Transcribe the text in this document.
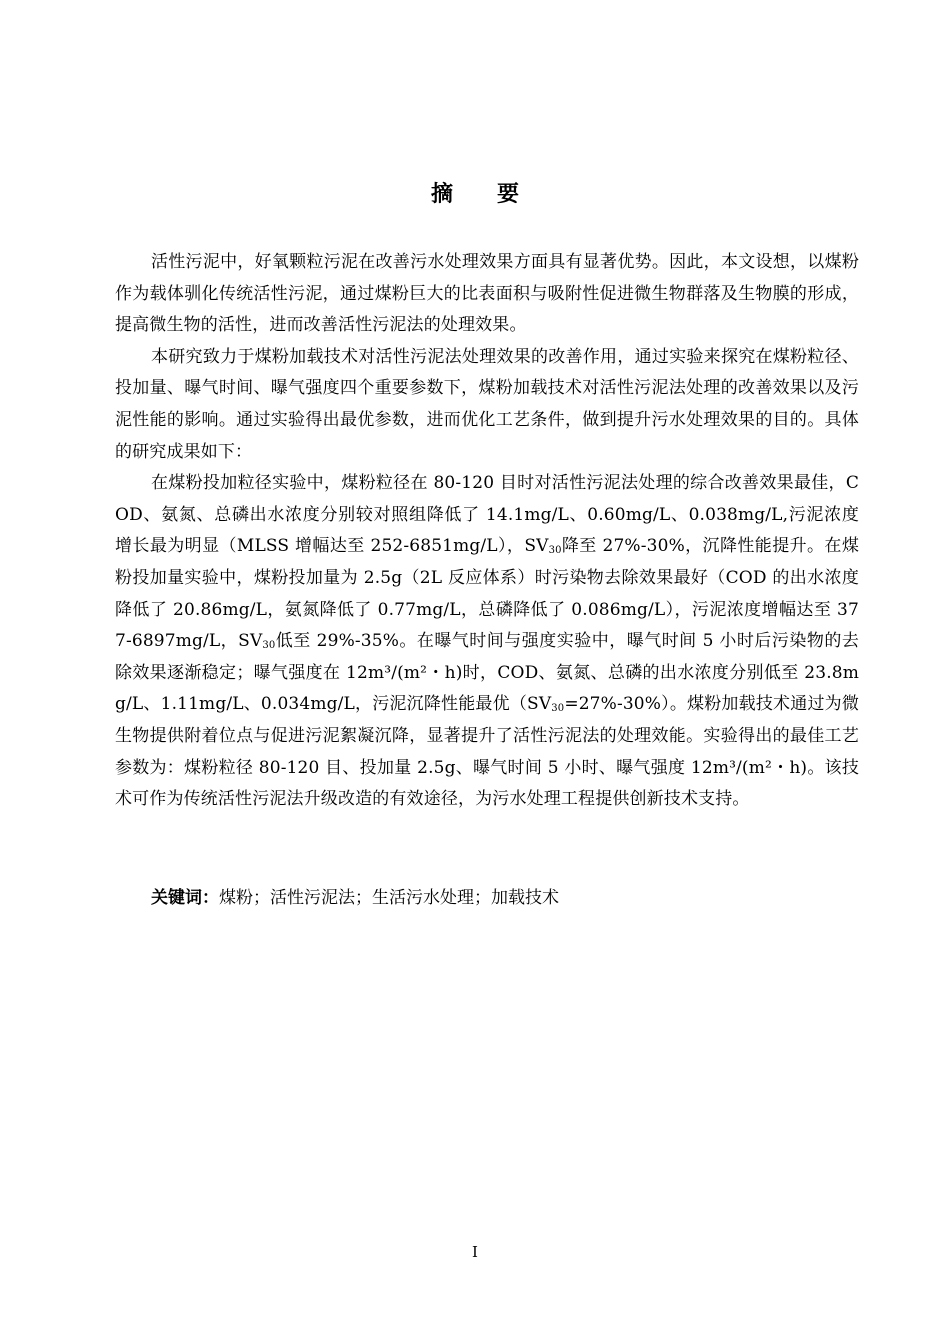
摘 要

活性污泥中，好氧颗粒污泥在改善污水处理效果方面具有显著优势。因此，本文设想，以煤粉作为载体驯化传统活性污泥，通过煤粉巨大的比表面积与吸附性促进微生物群落及生物膜的形成，提高微生物的活性，进而改善活性污泥法的处理效果。

本研究致力于煤粉加载技术对活性污泥法处理效果的改善作用，通过实验来探究在煤粉粒径、投加量、曝气时间、曝气强度四个重要参数下，煤粉加载技术对活性污泥法处理的改善效果以及污泥性能的影响。通过实验得出最优参数，进而优化工艺条件，做到提升污水处理效果的目的。具体的研究成果如下：

在煤粉投加粒径实验中，煤粉粒径在 80-120 目时对活性污泥法处理的综合改善效果最佳，COD、氨氮、总磷出水浓度分别较对照组降低了 14.1mg/L、0.60mg/L、0.038mg/L,污泥浓度增长最为明显（MLSS 增幅达至 252-6851mg/L），$SV_{30}$降至 27%-30%，沉降性能提升。在煤粉投加量实验中，煤粉投加量为 2.5g（2L 反应体系）时污染物去除效果最好（COD 的出水浓度降低了 20.86mg/L，氨氮降低了 0.77mg/L，总磷降低了 0.086mg/L），污泥浓度增幅达至 377-6897mg/L，$SV_{30}$低至 29%-35%。在曝气时间与强度实验中，曝气时间 5 小时后污染物的去除效果逐渐稳定；曝气强度在 12m³/(m²・h)时，COD、氨氮、总磷的出水浓度分别低至 23.8mg/L、1.11mg/L、0.034mg/L，污泥沉降性能最优$(SV_{30}=27\%-30\%)$。煤粉加载技术通过为微生物提供附着位点与促进污泥絮凝沉降，显著提升了活性污泥法的处理效能。实验得出的最佳工艺参数为：煤粉粒径 80-120 目、投加量 2.5g、曝气时间 5 小时、曝气强度 12m³/(m²・h)。该技术可作为传统活性污泥法升级改造的有效途径，为污水处理工程提供创新技术支持。

关键词：煤粉；活性污泥法；生活污水处理；加载技术
I
